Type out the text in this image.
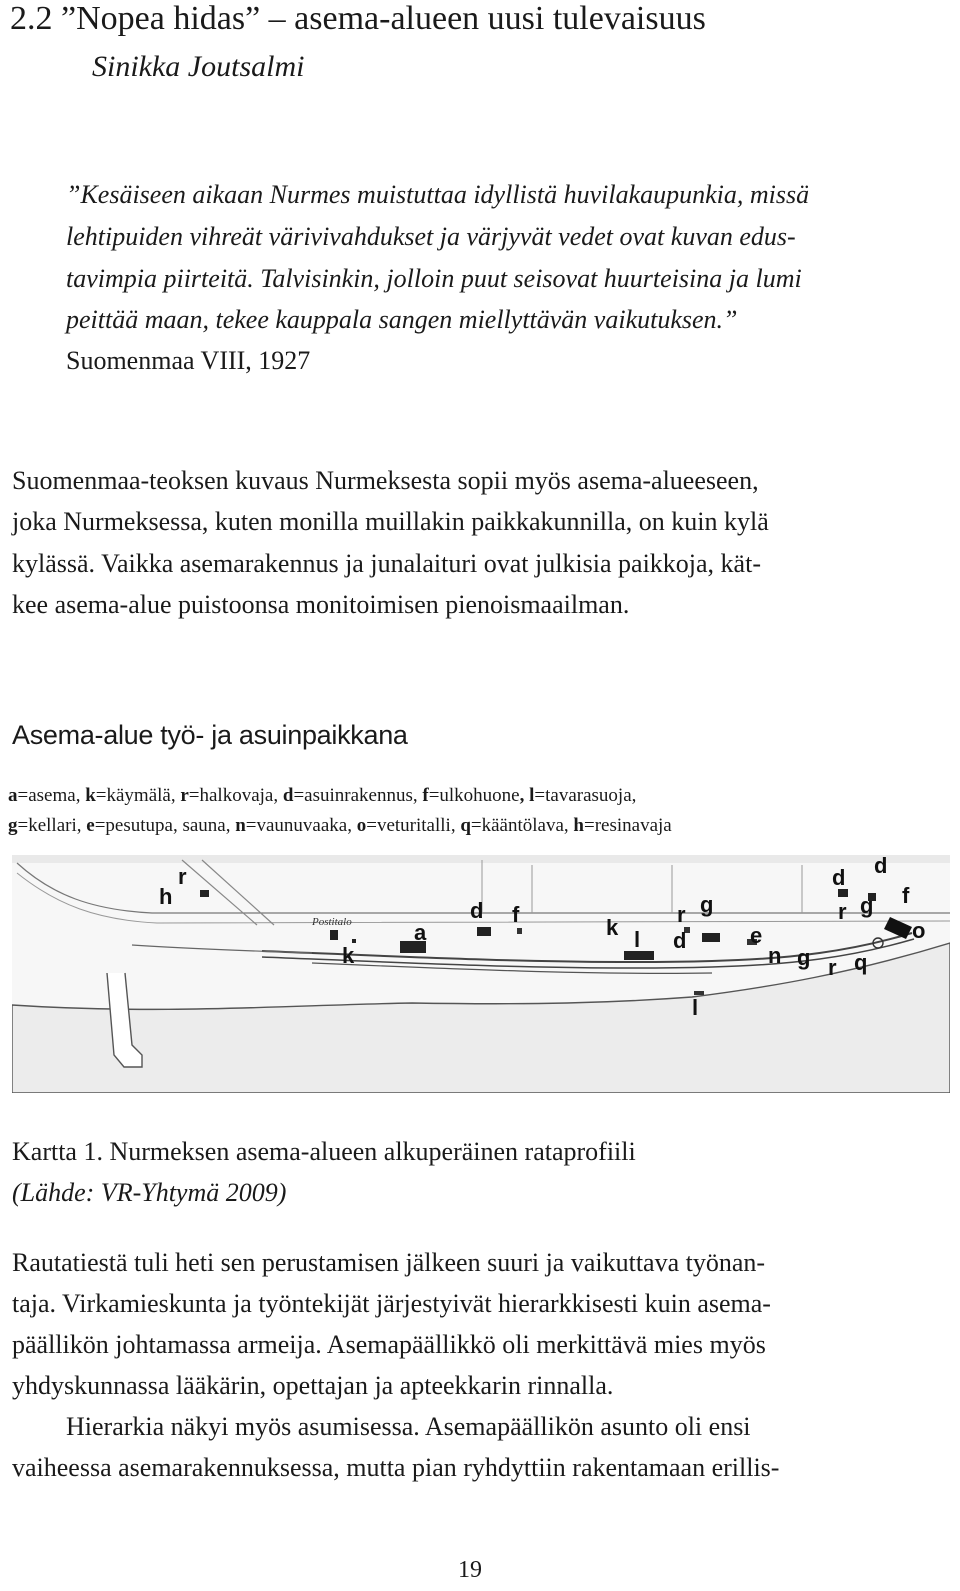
2.2 ”Nopea hidas” – asema-alueen uusi tulevaisuus
Sinikka Joutsalmi
”Kesäiseen aikaan Nurmes muistuttaa idyllistä huvilakaupunkia, missä
lehtipuiden vihreät värivivahdukset ja värjyvät vedet ovat kuvan edus-
tavimpia piirteitä. Talvisinkin, jolloin puut seisovat huurteisina ja lumi
peittää maan, tekee kauppala sangen miellyttävän vaikutuksen.”
Suomenmaa VIII, 1927
Suomenmaa-teoksen kuvaus Nurmeksesta sopii myös asema-alueeseen,
joka Nurmeksessa, kuten monilla muillakin paikkakunnilla, on kuin kylä
kylässä. Vaikka asemarakennus ja junalaituri ovat julkisia paikkoja, kät-
kee asema-alue puistoonsa monitoimisen pienoismaailman.
Asema-alue työ- ja asuinpaikkana
a=asema, k=käymälä, r=halkovaja, d=asuinrakennus, f=ulkohuone, l=tavarasuoja,
g=kellari, e=pesutupa, sauna, n=vaunuvaaka, o=veturitalli, q=kääntölava, h=resinavaja
Postitalo
h
r
k
a
d f
k l
r g
d	e
n g r q
d d
r g f
o
l
Kartta 1. Nurmeksen asema-alueen alkuperäinen rataprofiili
(Lähde: VR-Yhtymä 2009)
Rautatiestä tuli heti sen perustamisen jälkeen suuri ja vaikuttava työnan-
taja. Virkamieskunta ja työntekijät järjestyivät hierarkkisesti kuin asema-
päällikön johtamassa armeija. Asemapäällikkö oli merkittävä mies myös
yhdyskunnassa lääkärin, opettajan ja apteekkarin rinnalla.
Hierarkia näkyi myös asumisessa. Asemapäällikön asunto oli ensi
vaiheessa asemarakennuksessa, mutta pian ryhdyttiin rakentamaan erillis-
19
